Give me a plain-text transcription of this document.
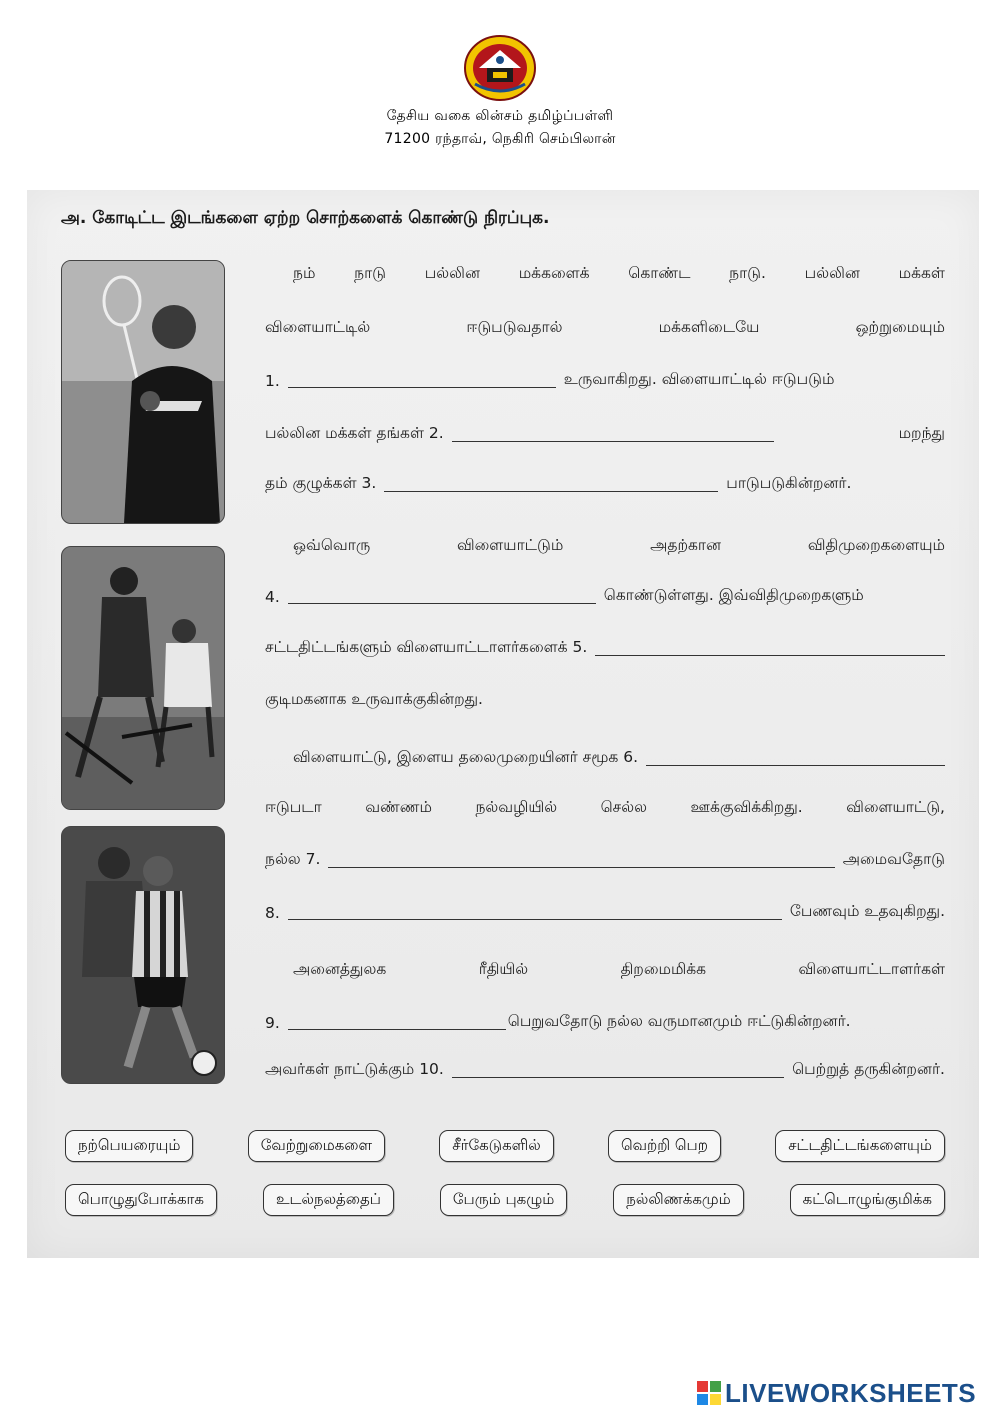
தேசிய வகை லின்சம் தமிழ்ப்பள்ளி
71200 ரந்தாவ், நெகிரி செம்பிலான்
அ. கோடிட்ட இடங்களை ஏற்ற சொற்களைக் கொண்டு நிரப்புக.
நம் நாடு பல்லின மக்களைக் கொண்ட நாடு. பல்லின மக்கள்
விளையாட்டில்	ஈடுபடுவதால்	மக்களிடையே	ஒற்றுமையும்
1.	உருவாகிறது. விளையாட்டில் ஈடுபடும்
பல்லின மக்கள் தங்கள் 2.	மறந்து
தம் குழுக்கள் 3.	பாடுபடுகின்றனர்.
ஒவ்வொரு	விளையாட்டும்	அதற்கான	விதிமுறைகளையும்
4.	கொண்டுள்ளது. இவ்விதிமுறைகளும்
சட்டதிட்டங்களும் விளையாட்டாளர்களைக் 5.
குடிமகனாக உருவாக்குகின்றது.
விளையாட்டு, இளைய தலைமுறையினர் சமூக 6.
ஈடுபடா	வண்ணம்	நல்வழியில்	செல்ல	ஊக்குவிக்கிறது.	விளையாட்டு,
நல்ல 7.	அமைவதோடு
8.	பேணவும் உதவுகிறது.
அனைத்துலக	ரீதியில்	திறமைமிக்க	விளையாட்டாளர்கள்
9.	பெறுவதோடு நல்ல வருமானமும் ஈட்டுகின்றனர்.
அவர்கள் நாட்டுக்கும் 10.	பெற்றுத் தருகின்றனர்.
நற்பெயரையும்	வேற்றுமைகளை	சீர்கேடுகளில்	வெற்றி பெற	சட்டதிட்டங்களையும்
பொழுதுபோக்காக	உடல்நலத்தைப்	பேரும் புகழும்	நல்லிணக்கமும்	கட்டொழுங்குமிக்க
LIVEWORKSHEETS
